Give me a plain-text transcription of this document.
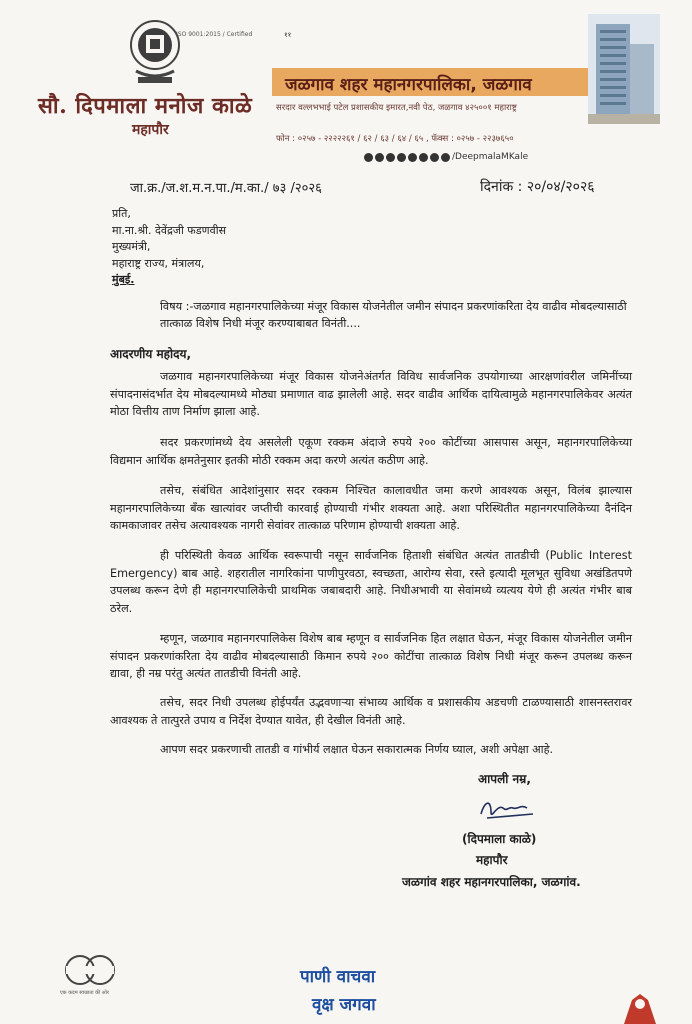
ISO 9001:2015 / Certified	११
सौ. दिपमाला मनोज काळे
महापौर
जळगाव शहर महानगरपालिका, जळगाव
सरदार वल्लभभाई पटेल प्रशासकीय इमारत,नवी पेठ, जळगाव ४२५००१ महाराष्ट्र
फोन : ०२५७ - २२२२२६१ / ६२ / ६३ / ६४ / ६५ , फॅक्स : ०२५७ - २२३७६५०
/DeepmalaMKale
जा.क्र./ज.श.म.न.पा./म.का./ ७३ /२०२६	दिनांक : २०/०४/२०२६
प्रति,
मा.ना.श्री. देवेंद्रजी फडणवीस
मुख्यमंत्री,
महाराष्ट्र राज्य, मंत्रालय,
मुंबई.
विषय :-जळगाव महानगरपालिकेच्या मंजूर विकास योजनेतील जमीन संपादन प्रकरणांकरिता देय वाढीव मोबदल्यासाठी तात्काळ विशेष निधी मंजूर करण्याबाबत विनंती....
आदरणीय महोदय,
जळगाव महानगरपालिकेच्या मंजूर विकास योजनेअंतर्गत विविध सार्वजनिक उपयोगाच्या आरक्षणांवरील जमिनींच्या संपादनासंदर्भात देय मोबदल्यामध्ये मोठ्या प्रमाणात वाढ झालेली आहे. सदर वाढीव आर्थिक दायित्वामुळे महानगरपालिकेवर अत्यंत मोठा वित्तीय ताण निर्माण झाला आहे.
सदर प्रकरणांमध्ये देय असलेली एकूण रक्कम अंदाजे रुपये २०० कोटींच्या आसपास असून, महानगरपालिकेच्या विद्यमान आर्थिक क्षमतेनुसार इतकी मोठी रक्कम अदा करणे अत्यंत कठीण आहे.
तसेच, संबंधित आदेशांनुसार सदर रक्कम निश्चित कालावधीत जमा करणे आवश्यक असून, विलंब झाल्यास महानगरपालिकेच्या बँक खात्यांवर जप्तीची कारवाई होण्याची गंभीर शक्यता आहे. अशा परिस्थितीत महानगरपालिकेच्या दैनंदिन कामकाजावर तसेच अत्यावश्यक नागरी सेवांवर तात्काळ परिणाम होण्याची शक्यता आहे.
ही परिस्थिती केवळ आर्थिक स्वरूपाची नसून सार्वजनिक हिताशी संबंधित अत्यंत तातडीची (Public Interest Emergency) बाब आहे. शहरातील नागरिकांना पाणीपुरवठा, स्वच्छता, आरोग्य सेवा, रस्ते इत्यादी मूलभूत सुविधा अखंडितपणे उपलब्ध करून देणे ही महानगरपालिकेची प्राथमिक जबाबदारी आहे. निधीअभावी या सेवांमध्ये व्यत्यय येणे ही अत्यंत गंभीर बाब ठरेल.
म्हणून, जळगाव महानगरपालिकेस विशेष बाब म्हणून व सार्वजनिक हित लक्षात घेऊन, मंजूर विकास योजनेतील जमीन संपादन प्रकरणांकरिता देय वाढीव मोबदल्यासाठी किमान रुपये २०० कोटींचा तात्काळ विशेष निधी मंजूर करून उपलब्ध करून द्यावा, ही नम्र परंतु अत्यंत तातडीची विनंती आहे.
तसेच, सदर निधी उपलब्ध होईपर्यंत उद्भवणाऱ्या संभाव्य आर्थिक व प्रशासकीय अडचणी टाळण्यासाठी शासनस्तरावर आवश्यक ते तात्पुरते उपाय व निर्देश देण्यात यावेत, ही देखील विनंती आहे.
आपण सदर प्रकरणाची तातडी व गांभीर्य लक्षात घेऊन सकारात्मक निर्णय घ्याल, अशी अपेक्षा आहे.
आपली नम्र,
(दिपमाला काळे)
महापौर
जळगांव शहर महानगरपालिका, जळगांव.
एक कदम स्वच्छता की ओर
पाणी वाचवा
वृक्ष जगवा
